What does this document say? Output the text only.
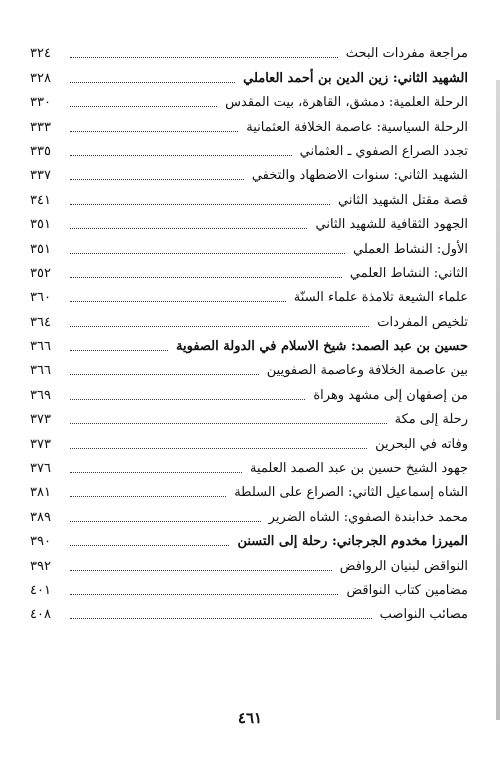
مراجعة مفردات البحث
٣٢٤
الشهيد الثاني: زين الدين بن أحمد العاملي
٣٢٨
الرحلة العلمية: دمشق، القاهرة، بيت المقدس
٣٣٠
الرحلة السياسية: عاصمة الخلافة العثمانية
٣٣٣
تجدد الصراع الصفوي ـ العثماني
٣٣٥
الشهيد الثاني: سنوات الاضطهاد والتخفي
٣٣٧
قصة مقتل الشهيد الثاني
٣٤١
الجهود الثقافية للشهيد الثاني
٣٥١
الأول: النشاط العملي
٣٥١
الثاني: النشاط العلمي
٣٥٢
علماء الشيعة تلامذة علماء السنّة
٣٦٠
تلخيص المفردات
٣٦٤
حسين بن عبد الصمد: شيخ الاسلام في الدولة الصفوية
٣٦٦
بين عاصمة الخلافة وعاصمة الصفويين
٣٦٦
من إصفهان إلى مشهد وهراة
٣٦٩
رحلة إلى مكة
٣٧٣
وفاته في البحرين
٣٧٣
جهود الشيخ حسين بن عبد الصمد العلمية
٣٧٦
الشاه إسماعيل الثاني: الصراع على السلطة
٣٨١
محمد خدابندة الصفوي: الشاه الضرير
٣٨٩
الميرزا مخدوم الجرجاني: رحلة إلى التسنن
٣٩٠
النواقض لبنيان الروافض
٣٩٢
مضامين كتاب النواقض
٤٠١
مصائب النواصب
٤٠٨
٤٦١
